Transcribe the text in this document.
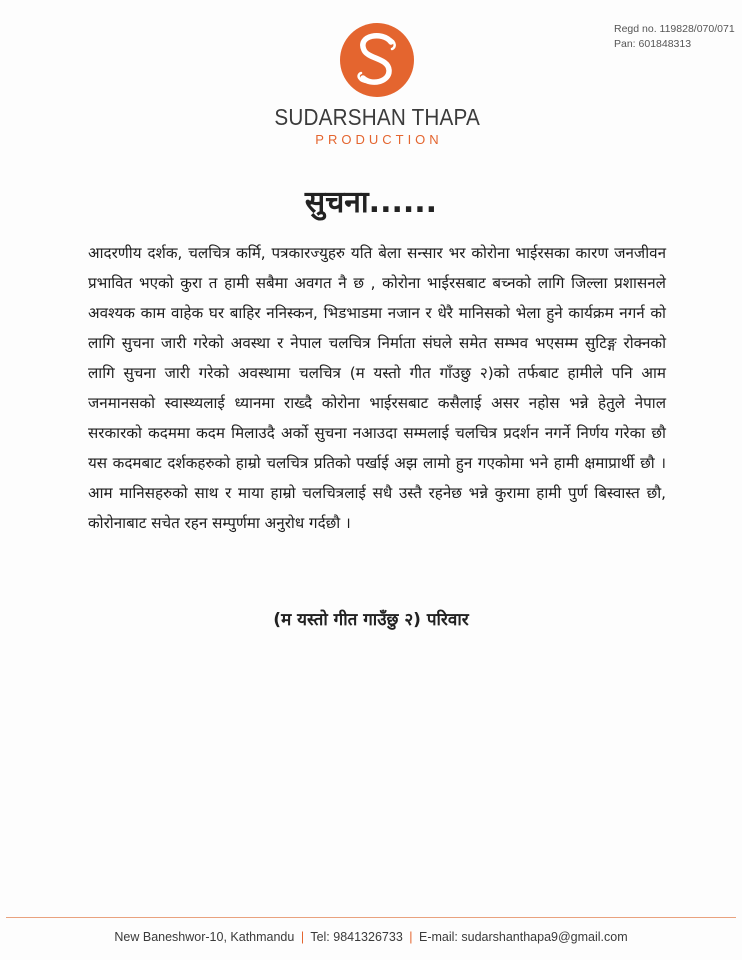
Regd no. 119828/070/071
Pan: 601848313
SUDARSHAN THAPA
PRODUCTION
सुचना......

आदरणीय दर्शक, चलचित्र कर्मि, पत्रकारज्युहरु यति बेला सन्सार भर कोरोना भाईरसका कारण जनजीवन प्रभावित भएको कुरा त हामी सबैमा अवगत नै छ , कोरोना भाईरसबाट बच्नको लागि जिल्ला प्रशासनले अवश्यक काम वाहेक घर बाहिर ननिस्कन, भिडभाडमा नजान र धेरै मानिसको भेला हुने कार्यक्रम नगर्न को लागि सुचना जारी गरेको अवस्था र नेपाल चलचित्र निर्माता संघले समेत सम्भव भएसम्म सुटिङ्ग रोक्नको लागि सुचना जारी गरेको अवस्थामा चलचित्र (म यस्तो गीत गाँउछु २)को तर्फबाट हामीले पनि आम जनमानसको स्वास्थ्यलाई ध्यानमा राख्दै कोरोना भाईरसबाट कसैलाई असर नहोस भन्ने हेतुले नेपाल सरकारको कदममा कदम मिलाउदै अर्को सुचना नआउदा सम्मलाई चलचित्र प्रदर्शन नगर्ने निर्णय गरेका छौ यस कदमबाट दर्शकहरुको हाम्रो चलचित्र प्रतिको पर्खाई अझ लामो हुन गएकोमा भने हामी क्षमाप्रार्थी छौ । आम मानिसहरुको साथ र माया हाम्रो चलचित्रलाई सधै उस्तै रहनेछ भन्ने कुरामा हामी पुर्ण बिस्वास्त छौ, कोरोनाबाट सचेत रहन सम्पुर्णमा अनुरोध गर्दछौ ।

(म यस्तो गीत गाउँछु २) परिवार
New Baneshwor-10, Kathmandu | Tel: 9841326733 | E-mail: sudarshanthapa9@gmail.com
